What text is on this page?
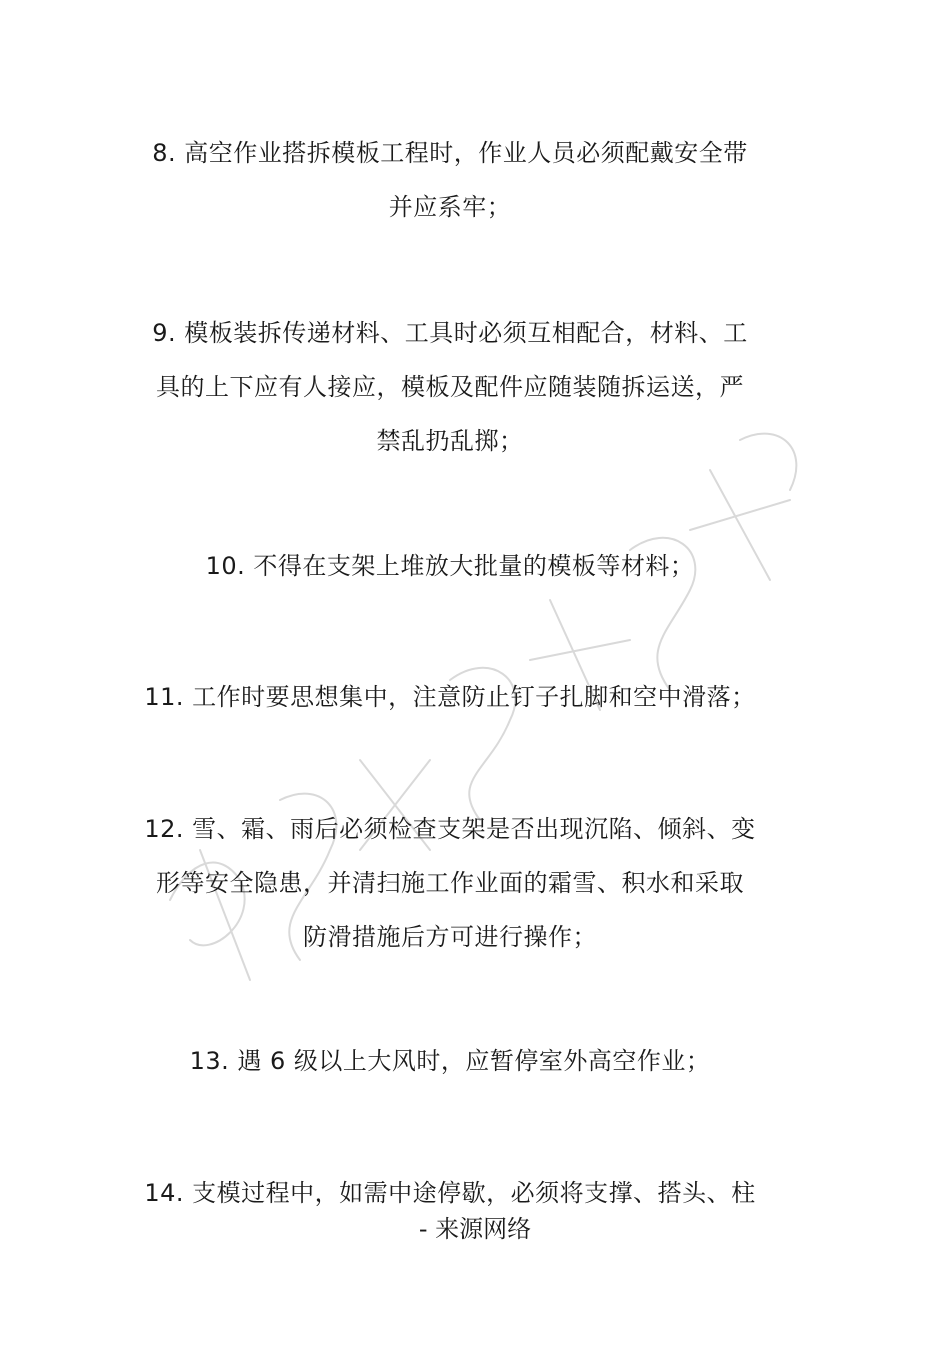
8. 高空作业搭拆模板工程时，作业人员必须配戴安全带
并应系牢；
9. 模板装拆传递材料、工具时必须互相配合，材料、工
具的上下应有人接应，模板及配件应随装随拆运送，严
禁乱扔乱掷；
10. 不得在支架上堆放大批量的模板等材料；
11. 工作时要思想集中，注意防止钉子扎脚和空中滑落；
12. 雪、霜、雨后必须检查支架是否出现沉陷、倾斜、变
形等安全隐患，并清扫施工作业面的霜雪、积水和采取
防滑措施后方可进行操作；
13. 遇 6 级以上大风时，应暂停室外高空作业；
14. 支模过程中，如需中途停歇，必须将支撑、搭头、柱
- 来源网络
